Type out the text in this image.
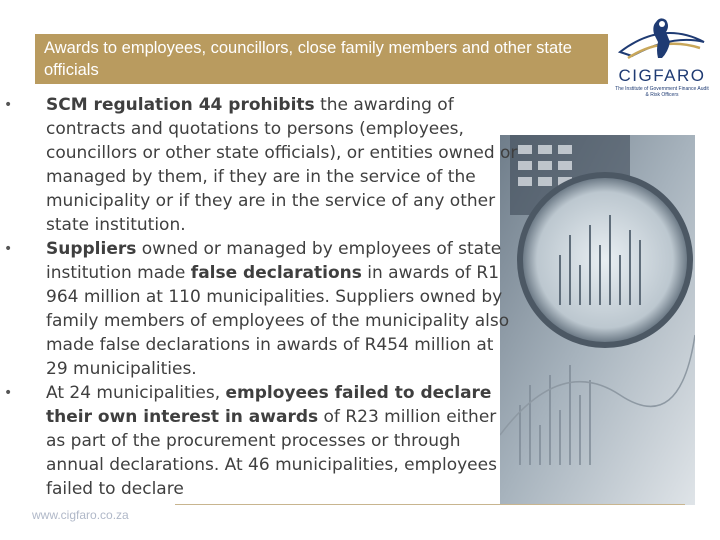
Awards to employees, councillors, close family members and other state officials	CIGFARO
The Institute of Government Finance Audit & Risk Officers

• SCM regulation 44 prohibits the awarding of contracts and quotations to persons (employees, councillors or other state officials), or entities owned or managed by them, if they are in the service of the municipality or if they are in the service of any other state institution.

• Suppliers owned or managed by employees of state institution made false declarations in awards of R1 964 million at 110 municipalities. Suppliers owned by family members of employees of the municipality also made false declarations in awards of R454 million at 29 municipalities.

• At 24 municipalities, employees failed to declare their own interest in awards of R23 million either as part of the procurement processes or through annual declarations. At 46 municipalities, employees failed to declare

www.cigfaro.co.za
